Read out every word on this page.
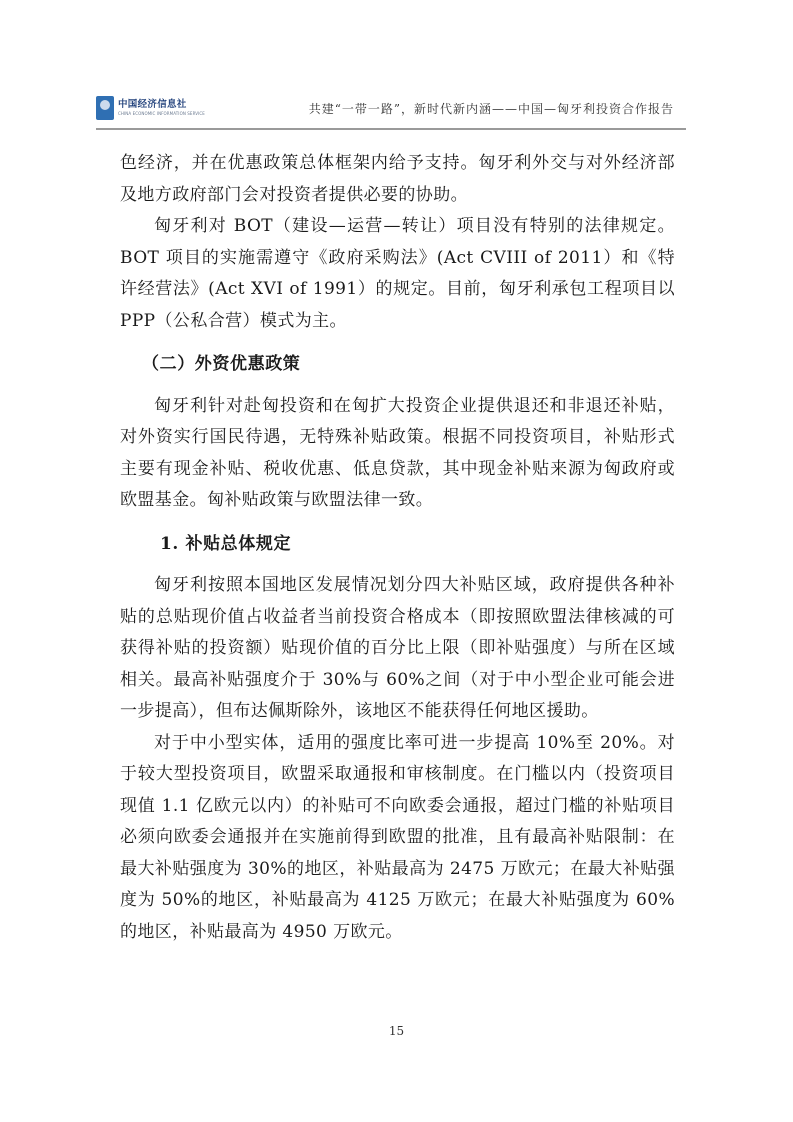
中国经济信息社
CHINA ECONOMIC INFORMATION SERVICE	共建“一带一路”，新时代新内涵——中国—匈牙利投资合作报告

色经济，并在优惠政策总体框架内给予支持。匈牙利外交与对外经济部及地方政府部门会对投资者提供必要的协助。

匈牙利对 BOT（建设—运营—转让）项目没有特别的法律规定。BOT 项目的实施需遵守《政府采购法》(Act CVIII of 2011）和《特许经营法》(Act XVI of 1991）的规定。目前，匈牙利承包工程项目以PPP（公私合营）模式为主。

（二）外资优惠政策

匈牙利针对赴匈投资和在匈扩大投资企业提供退还和非退还补贴，对外资实行国民待遇，无特殊补贴政策。根据不同投资项目，补贴形式主要有现金补贴、税收优惠、低息贷款，其中现金补贴来源为匈政府或欧盟基金。匈补贴政策与欧盟法律一致。

1. 补贴总体规定

匈牙利按照本国地区发展情况划分四大补贴区域，政府提供各种补贴的总贴现价值占收益者当前投资合格成本（即按照欧盟法律核减的可获得补贴的投资额）贴现价值的百分比上限（即补贴强度）与所在区域相关。最高补贴强度介于 30%与 60%之间（对于中小型企业可能会进一步提高），但布达佩斯除外，该地区不能获得任何地区援助。

对于中小型实体，适用的强度比率可进一步提高 10%至 20%。对于较大型投资项目，欧盟采取通报和审核制度。在门槛以内（投资项目现值 1.1 亿欧元以内）的补贴可不向欧委会通报，超过门槛的补贴项目必须向欧委会通报并在实施前得到欧盟的批准，且有最高补贴限制：在最大补贴强度为 30%的地区，补贴最高为 2475 万欧元；在最大补贴强度为 50%的地区，补贴最高为 4125 万欧元；在最大补贴强度为 60%的地区，补贴最高为 4950 万欧元。

15
